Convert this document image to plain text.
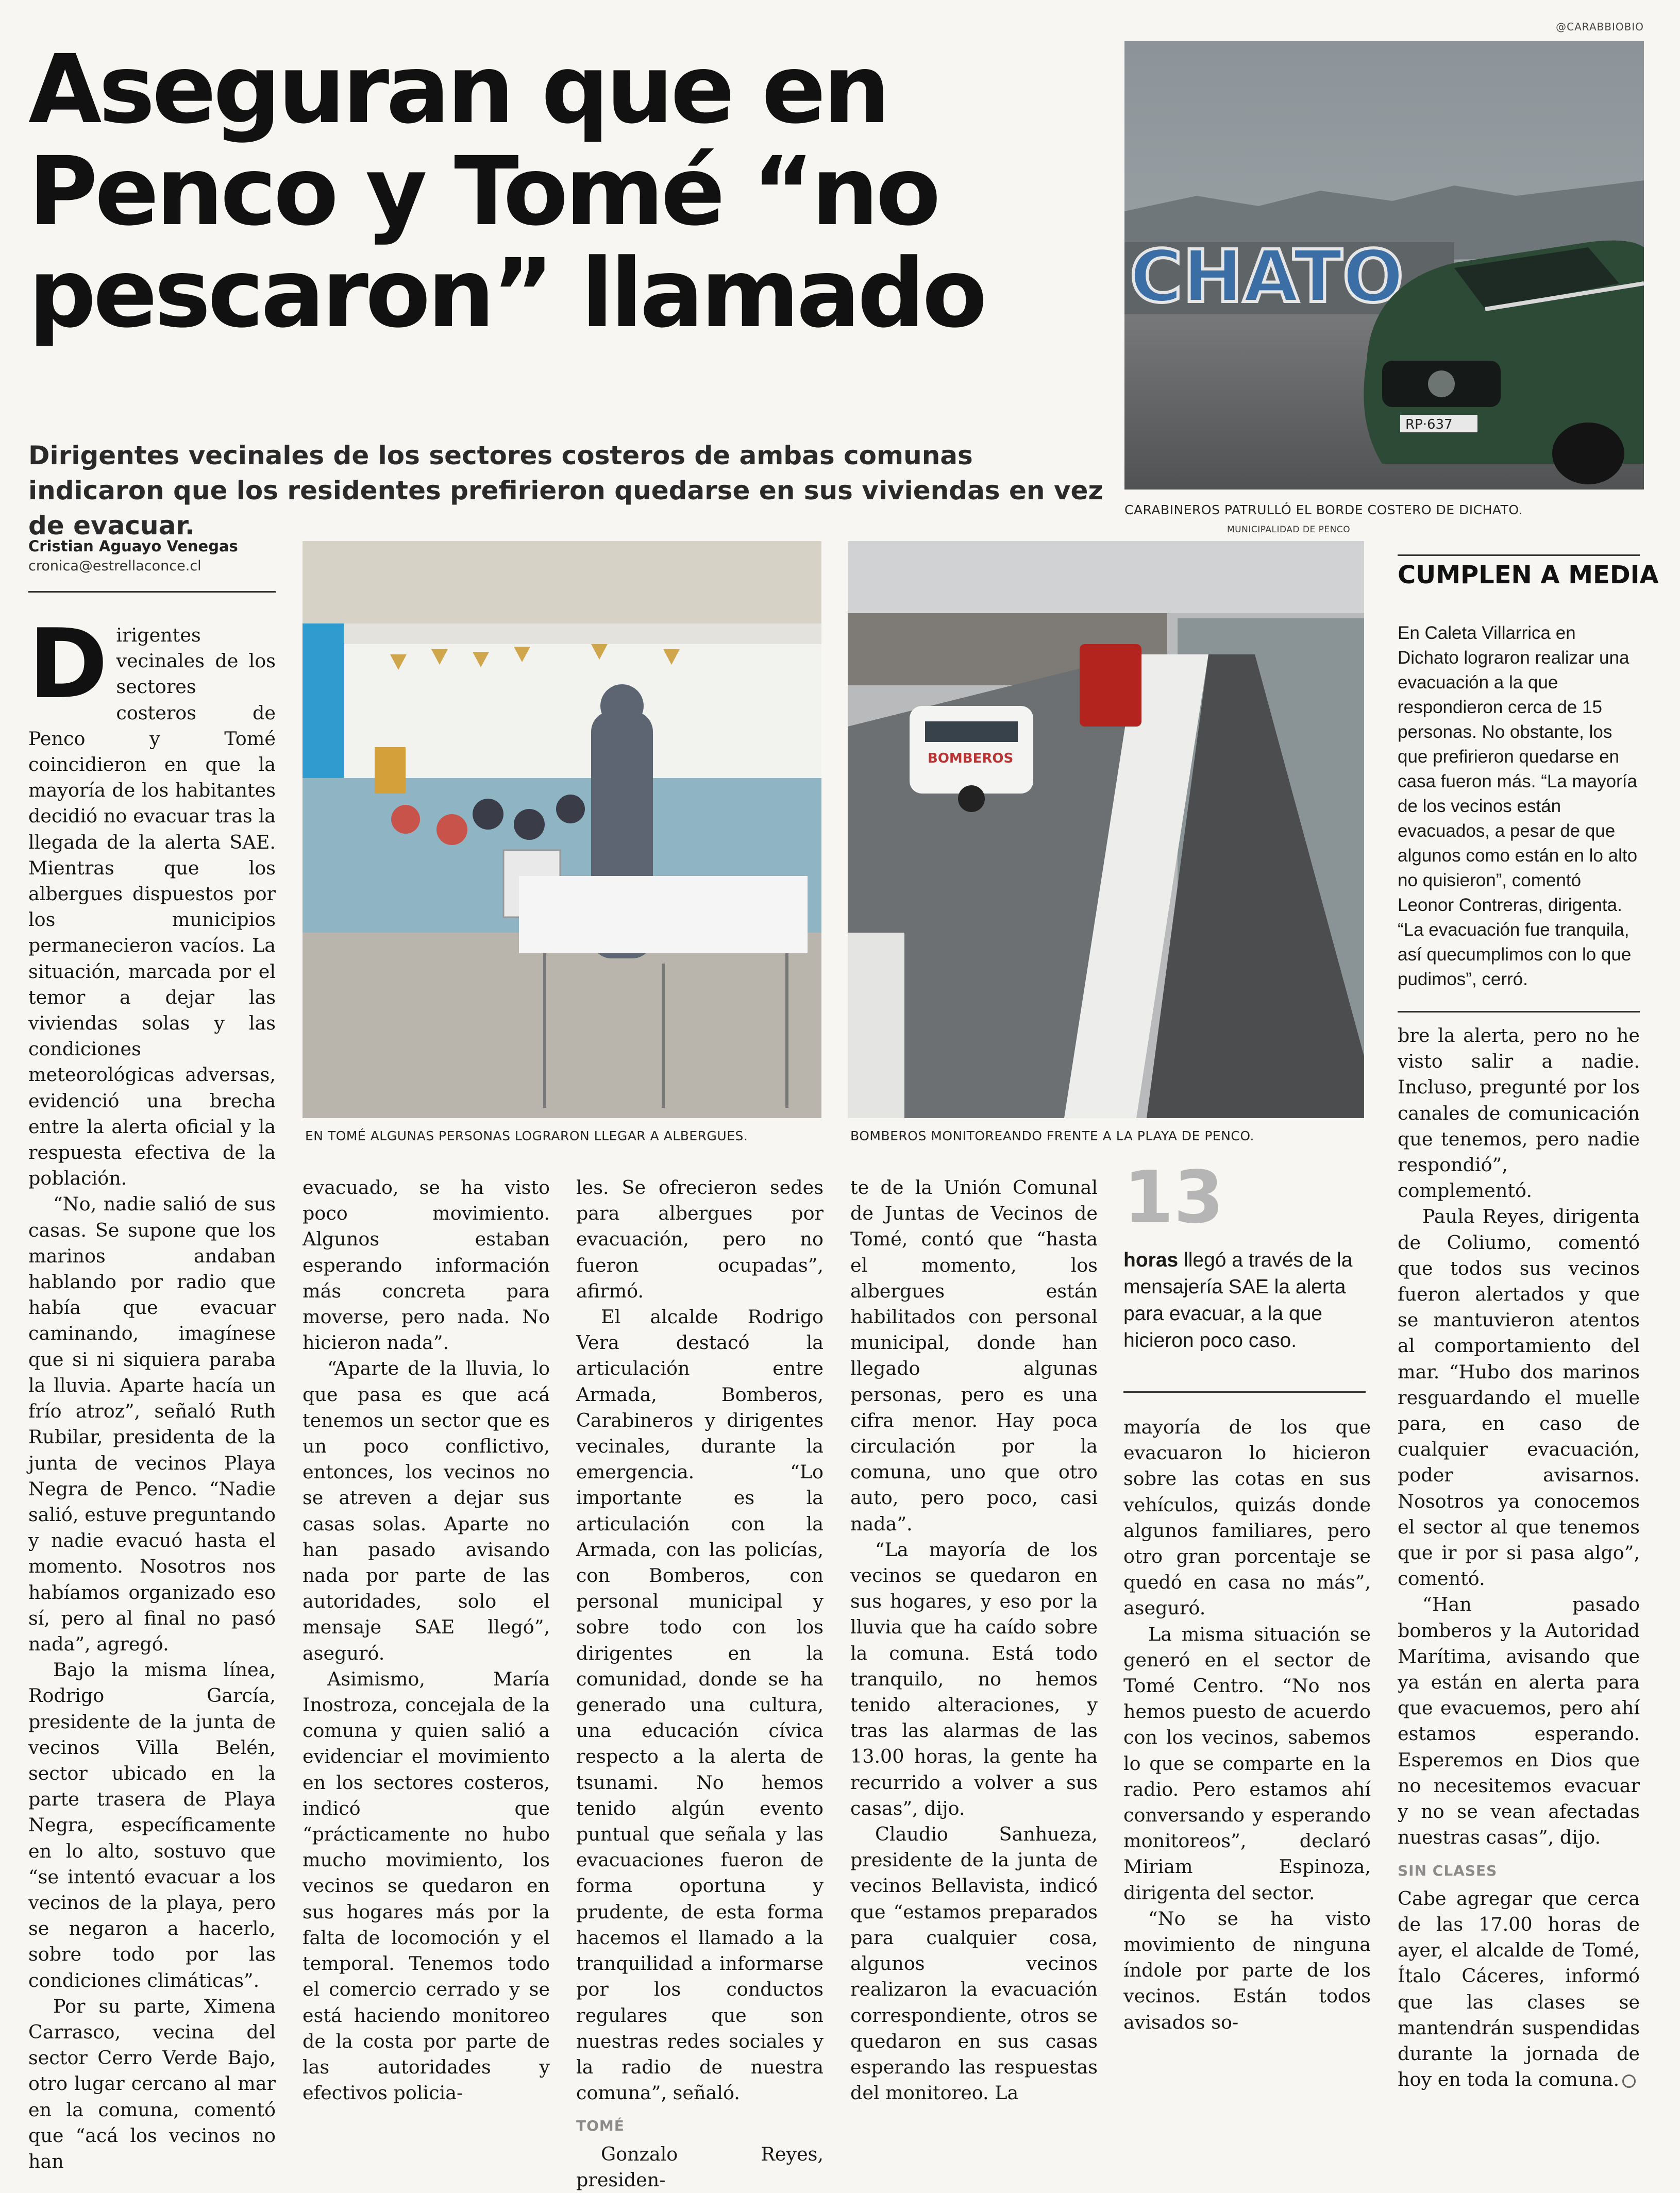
@CARABBIOBIO
Aseguran que en Penco y Tomé “no pescaron” llamado

Dirigentes vecinales de los sectores costeros de ambas comunas indicaron que los residentes prefirieron quedarse en sus viviendas en vez de evacuar.

CHATO
RP·637
CARABINEROS PATRULLÓ EL BORDE COSTERO DE DICHATO.
MUNICIPALIDAD DE PENCO
Cristian Aguayo Venegas
cronica@estrellaconce.cl
EN TOMÉ ALGUNAS PERSONAS LOGRARON LLEGAR A ALBERGUES.
BOMBEROS
BOMBEROS MONITOREANDO FRENTE A LA PLAYA DE PENCO.
CUMPLEN A MEDIA

En Caleta Villarrica en Dichato lograron realizar una evacuación a la que respondieron cerca de 15 personas. No obstante, los que prefirieron quedarse en casa fueron más. “La mayoría de los vecinos están evacuados, a pesar de que algunos como están en lo alto no quisieron”, comentó Leonor Contreras, dirigenta. “La evacuación fue tranquila, así quecumplimos con lo que pudimos”, cerró.

D irigentes vecinales de los sectores costeros de Penco y Tomé coincidieron en que la mayoría de los habitantes decidió no evacuar tras la llegada de la alerta SAE. Mientras que los albergues dispuestos por los municipios permanecieron vacíos. La situación, marcada por el temor a dejar las viviendas solas y las condiciones meteorológicas adversas, evidenció una brecha entre la alerta oficial y la respuesta efectiva de la población.

“No, nadie salió de sus casas. Se supone que los marinos andaban hablando por radio que había que evacuar caminando, imagínese que si ni siquiera paraba la lluvia. Aparte hacía un frío atroz”, señaló Ruth Rubilar, presidenta de la junta de vecinos Playa Negra de Penco. “Nadie salió, estuve preguntando y nadie evacuó hasta el momento. Nosotros nos habíamos organizado eso sí, pero al final no pasó nada”, agregó.

Bajo la misma línea, Rodrigo García, presidente de la junta de vecinos Villa Belén, sector ubicado en la parte trasera de Playa Negra, específicamente en lo alto, sostuvo que “se intentó evacuar a los vecinos de la playa, pero se negaron a hacerlo, sobre todo por las condiciones climáticas”.

Por su parte, Ximena Carrasco, vecina del sector Cerro Verde Bajo, otro lugar cercano al mar en la comuna, comentó que “acá los vecinos no han

evacuado, se ha visto poco movimiento. Algunos estaban esperando información más concreta para moverse, pero nada. No hicieron nada”.

“Aparte de la lluvia, lo que pasa es que acá tenemos un sector que es un poco conflictivo, entonces, los vecinos no se atreven a dejar sus casas solas. Aparte no han pasado avisando nada por parte de las autoridades, solo el mensaje SAE llegó”, aseguró.

Asimismo, María Inostroza, concejala de la comuna y quien salió a evidenciar el movimiento en los sectores costeros, indicó que “prácticamente no hubo mucho movimiento, los vecinos se quedaron en sus hogares más por la falta de locomoción y el temporal. Tenemos todo el comercio cerrado y se está haciendo monitoreo de la costa por parte de las autoridades y efectivos policia-

les. Se ofrecieron sedes para albergues por evacuación, pero no fueron ocupadas”, afirmó.

El alcalde Rodrigo Vera destacó la articulación entre Armada, Bomberos, Carabineros y dirigentes vecinales, durante la emergencia. “Lo importante es la articulación con la Armada, con las policías, con Bomberos, con personal municipal y sobre todo con los dirigentes en la comunidad, donde se ha generado una cultura, una educación cívica respecto a la alerta de tsunami. No hemos tenido algún evento puntual que señala y las evacuaciones fueron de forma oportuna y prudente, de esta forma hacemos el llamado a la tranquilidad a informarse por los conductos regulares que son nuestras redes sociales y la radio de nuestra comuna”, señaló.

TOMÉ

Gonzalo Reyes, presiden-

te de la Unión Comunal de Juntas de Vecinos de Tomé, contó que “hasta el momento, los albergues están habilitados con personal municipal, donde han llegado algunas personas, pero es una cifra menor. Hay poca circulación por la comuna, uno que otro auto, pero poco, casi nada”.

“La mayoría de los vecinos se quedaron en sus hogares, y eso por la lluvia que ha caído sobre la comuna. Está todo tranquilo, no hemos tenido alteraciones, y tras las alarmas de las 13.00 horas, la gente ha recurrido a volver a sus casas”, dijo.

Claudio Sanhueza, presidente de la junta de vecinos Bellavista, indicó que “estamos preparados para cualquier cosa, algunos vecinos realizaron la evacuación correspondiente, otros se quedaron en sus casas esperando las respuestas del monitoreo. La

13
horas llegó a través de la mensajería SAE la alerta para evacuar, a la que hicieron poco caso.

mayoría de los que evacuaron lo hicieron sobre las cotas en sus vehículos, quizás donde algunos familiares, pero otro gran porcentaje se quedó en casa no más”, aseguró.

La misma situación se generó en el sector de Tomé Centro. “No nos hemos puesto de acuerdo con los vecinos, sabemos lo que se comparte en la radio. Pero estamos ahí conversando y esperando monitoreos”, declaró Miriam Espinoza, dirigenta del sector.

“No se ha visto movimiento de ninguna índole por parte de los vecinos. Están todos avisados so-

bre la alerta, pero no he visto salir a nadie. Incluso, pregunté por los canales de comunicación que tenemos, pero nadie respondió”, complementó.

Paula Reyes, dirigenta de Coliumo, comentó que todos sus vecinos fueron alertados y que se mantuvieron atentos al comportamiento del mar. “Hubo dos marinos resguardando el muelle para, en caso de cualquier evacuación, poder avisarnos. Nosotros ya conocemos el sector al que tenemos que ir por si pasa algo”, comentó.

“Han pasado bomberos y la Autoridad Marítima, avisando que ya están en alerta para que evacuemos, pero ahí estamos esperando. Esperemos en Dios que no necesitemos evacuar y no se vean afectadas nuestras casas”, dijo.

SIN CLASES

Cabe agregar que cerca de las 17.00 horas de ayer, el alcalde de Tomé, Ítalo Cáceres, informó que las clases se mantendrán suspendidas durante la jornada de hoy en toda la comuna.
